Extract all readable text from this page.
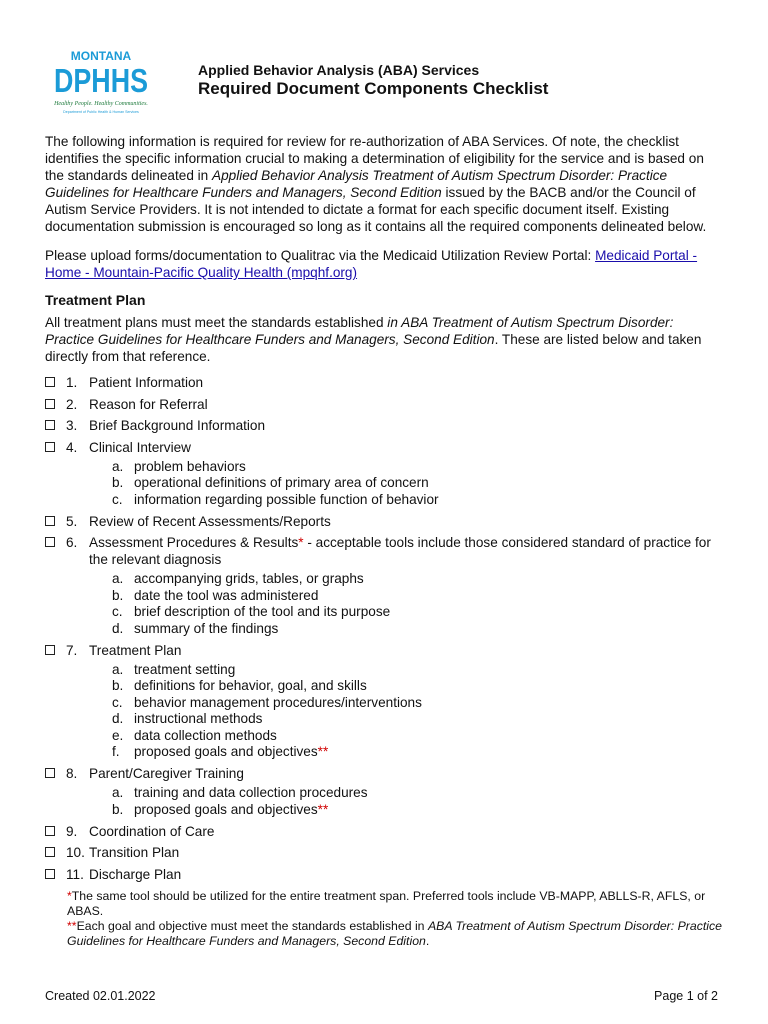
MONTANA
DPHHS
Healthy People. Healthy Communities.
Department of Public Health & Human Services
Applied Behavior Analysis (ABA) Services
Required Document Components Checklist

The following information is required for review for re-authorization of ABA Services. Of note, the checklist identifies the specific information crucial to making a determination of eligibility for the service and is based on the standards delineated in Applied Behavior Analysis Treatment of Autism Spectrum Disorder: Practice Guidelines for Healthcare Funders and Managers, Second Edition issued by the BACB and/or the Council of Autism Service Providers. It is not intended to dictate a format for each specific document itself. Existing documentation submission is encouraged so long as it contains all the required components delineated below.

Please upload forms/documentation to Qualitrac via the Medicaid Utilization Review Portal: Medicaid Portal - Home - Mountain-Pacific Quality Health (mpqhf.org)

Treatment Plan

All treatment plans must meet the standards established in ABA Treatment of Autism Spectrum Disorder: Practice Guidelines for Healthcare Funders and Managers, Second Edition. These are listed below and taken directly from that reference.

1. Patient Information
2. Reason for Referral
3. Brief Background Information
4. Clinical Interview
a. problem behaviors
b. operational definitions of primary area of concern
c. information regarding possible function of behavior
5. Review of Recent Assessments/Reports
6. Assessment Procedures & Results* - acceptable tools include those considered standard of practice for the relevant diagnosis
a. accompanying grids, tables, or graphs
b. date the tool was administered
c. brief description of the tool and its purpose
d. summary of the findings
7. Treatment Plan
a. treatment setting
b. definitions for behavior, goal, and skills
c. behavior management procedures/interventions
d. instructional methods
e. data collection methods
f. proposed goals and objectives**
8. Parent/Caregiver Training
a. training and data collection procedures
b. proposed goals and objectives**
9. Coordination of Care
10. Transition Plan
11. Discharge Plan
*The same tool should be utilized for the entire treatment span. Preferred tools include VB-MAPP, ABLLS-R, AFLS, or ABAS.
**Each goal and objective must meet the standards established in ABA Treatment of Autism Spectrum Disorder: Practice Guidelines for Healthcare Funders and Managers, Second Edition.
Created 02.01.2022	Page 1 of 2
